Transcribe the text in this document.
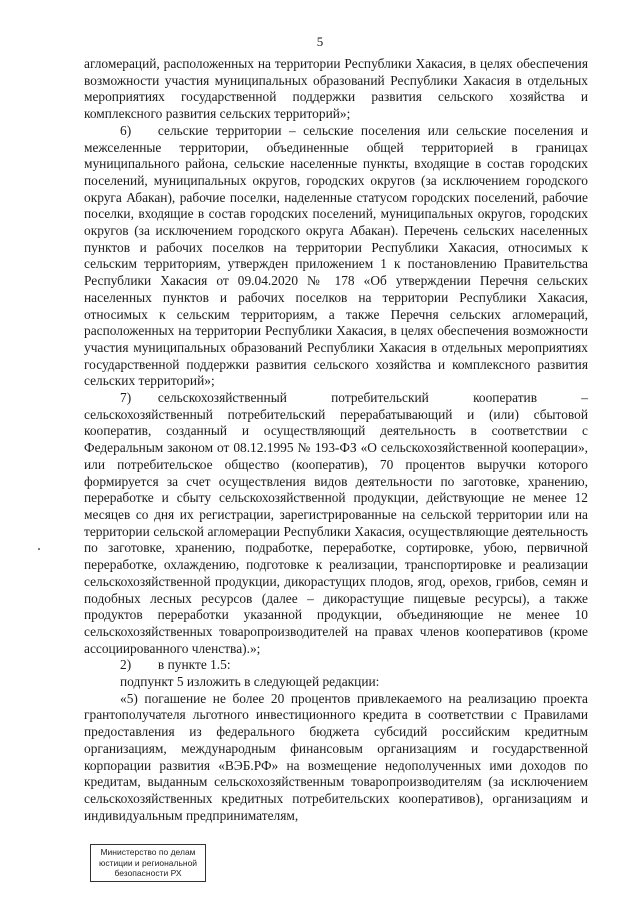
5

агломераций, расположенных на территории Республики Хакасия, в целях обеспечения возможности участия муниципальных образований Республики Хакасия в отдельных мероприятиях государственной поддержки развития сельского хозяйства и комплексного развития сельских территорий»;

6)  сельские территории – сельские поселения или сельские поселения и межселенные территории, объединенные общей территорией в границах муниципального района, сельские населенные пункты, входящие в состав городских поселений, муниципальных округов, городских округов (за исключением городского округа Абакан), рабочие поселки, наделенные статусом городских поселений, рабочие поселки, входящие в состав городских поселений, муниципальных округов, городских округов (за исключением городского округа Абакан). Перечень сельских населенных пунктов и рабочих поселков на территории Республики Хакасия, относимых к сельским территориям, утвержден приложением 1 к постановлению Правительства Республики Хакасия от 09.04.2020 № 178 «Об утверждении Перечня сельских населенных пунктов и рабочих поселков на территории Республики Хакасия, относимых к сельским территориям, а также Перечня сельских агломераций, расположенных на территории Республики Хакасия, в целях обеспечения возможности участия муниципальных образований Республики Хакасия в отдельных мероприятиях государственной поддержки развития сельского хозяйства и комплексного развития сельских территорий»;

7)  сельскохозяйственный потребительский кооператив – сельскохозяйственный потребительский перерабатывающий и (или) сбытовой кооператив, созданный и осуществляющий деятельность в соответствии с Федеральным законом от 08.12.1995 № 193-ФЗ «О сельскохозяйственной кооперации», или потребительское общество (кооператив), 70 процентов выручки которого формируется за счет осуществления видов деятельности по заготовке, хранению, переработке и сбыту сельскохозяйственной продукции, действующие не менее 12 месяцев со дня их регистрации, зарегистрированные на сельской территории или на территории сельской агломерации Республики Хакасия, осуществляющие деятельность по заготовке, хранению, подработке, переработке, сортировке, убою, первичной переработке, охлаждению, подготовке к реализации, транспортировке и реализации сельскохозяйственной продукции, дикорастущих плодов, ягод, орехов, грибов, семян и подобных лесных ресурсов (далее – дикорастущие пищевые ресурсы), а также продуктов переработки указанной продукции, объединяющие не менее 10 сельскохозяйственных товаропроизводителей на правах членов кооперативов (кроме ассоциированного членства).»;

2)  в пункте 1.5:

подпункт 5 изложить в следующей редакции:

«5) погашение не более 20 процентов привлекаемого на реализацию проекта грантополучателя льготного инвестиционного кредита в соответствии с Правилами предоставления из федерального бюджета субсидий российским кредитным организациям, международным финансовым организациям и государственной корпорации развития «ВЭБ.РФ» на возмещение недополученных ими доходов по кредитам, выданным сельскохозяйственным товаропроизводителям (за исключением сельскохозяйственных кредитных потребительских кооперативов), организациям и индивидуальным предпринимателям,

Министерство по делам
юстиции и региональной
безопасности РХ
